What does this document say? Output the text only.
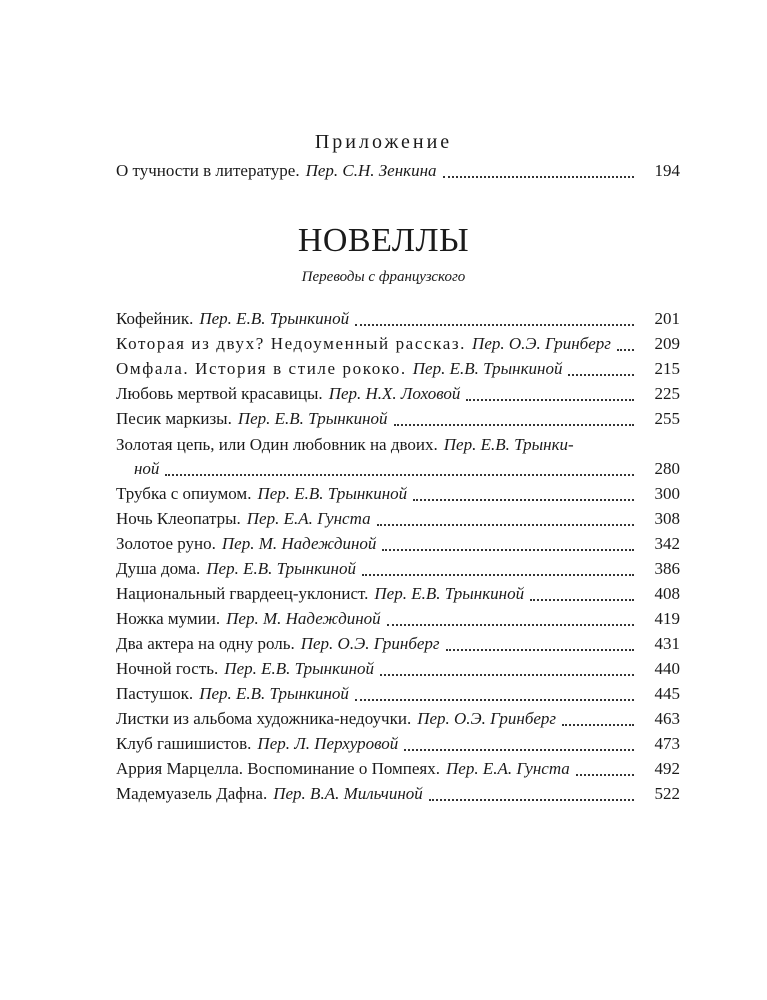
Приложение
О тучности в литературе. Пер. С.Н. Зенкина	194
НОВЕЛЛЫ
Переводы с французского
Кофейник. Пер. Е.В. Трынкиной	201
Которая из двух? Недоуменный рассказ. Пер. О.Э. Гринберг	209
Омфала. История в стиле рококо. Пер. Е.В. Трынкиной	215
Любовь мертвой красавицы. Пер. Н.Х. Лоховой	225
Песик маркизы. Пер. Е.В. Трынкиной	255
Золотая цепь, или Один любовник на двоих. Пер. Е.В. Трынки-
ной	280
Трубка с опиумом. Пер. Е.В. Трынкиной	300
Ночь Клеопатры. Пер. Е.А. Гунста	308
Золотое руно. Пер. М. Надеждиной	342
Душа дома. Пер. Е.В. Трынкиной	386
Национальный гвардеец-уклонист. Пер. Е.В. Трынкиной	408
Ножка мумии. Пер. М. Надеждиной	419
Два актера на одну роль. Пер. О.Э. Гринберг	431
Ночной гость. Пер. Е.В. Трынкиной	440
Пастушок. Пер. Е.В. Трынкиной	445
Листки из альбома художника-недоучки. Пер. О.Э. Гринберг	463
Клуб гашишистов. Пер. Л. Перхуровой	473
Аррия Марцелла. Воспоминание о Помпеях. Пер. Е.А. Гунста	492
Мадемуазель Дафна. Пер. В.А. Мильчиной	522
